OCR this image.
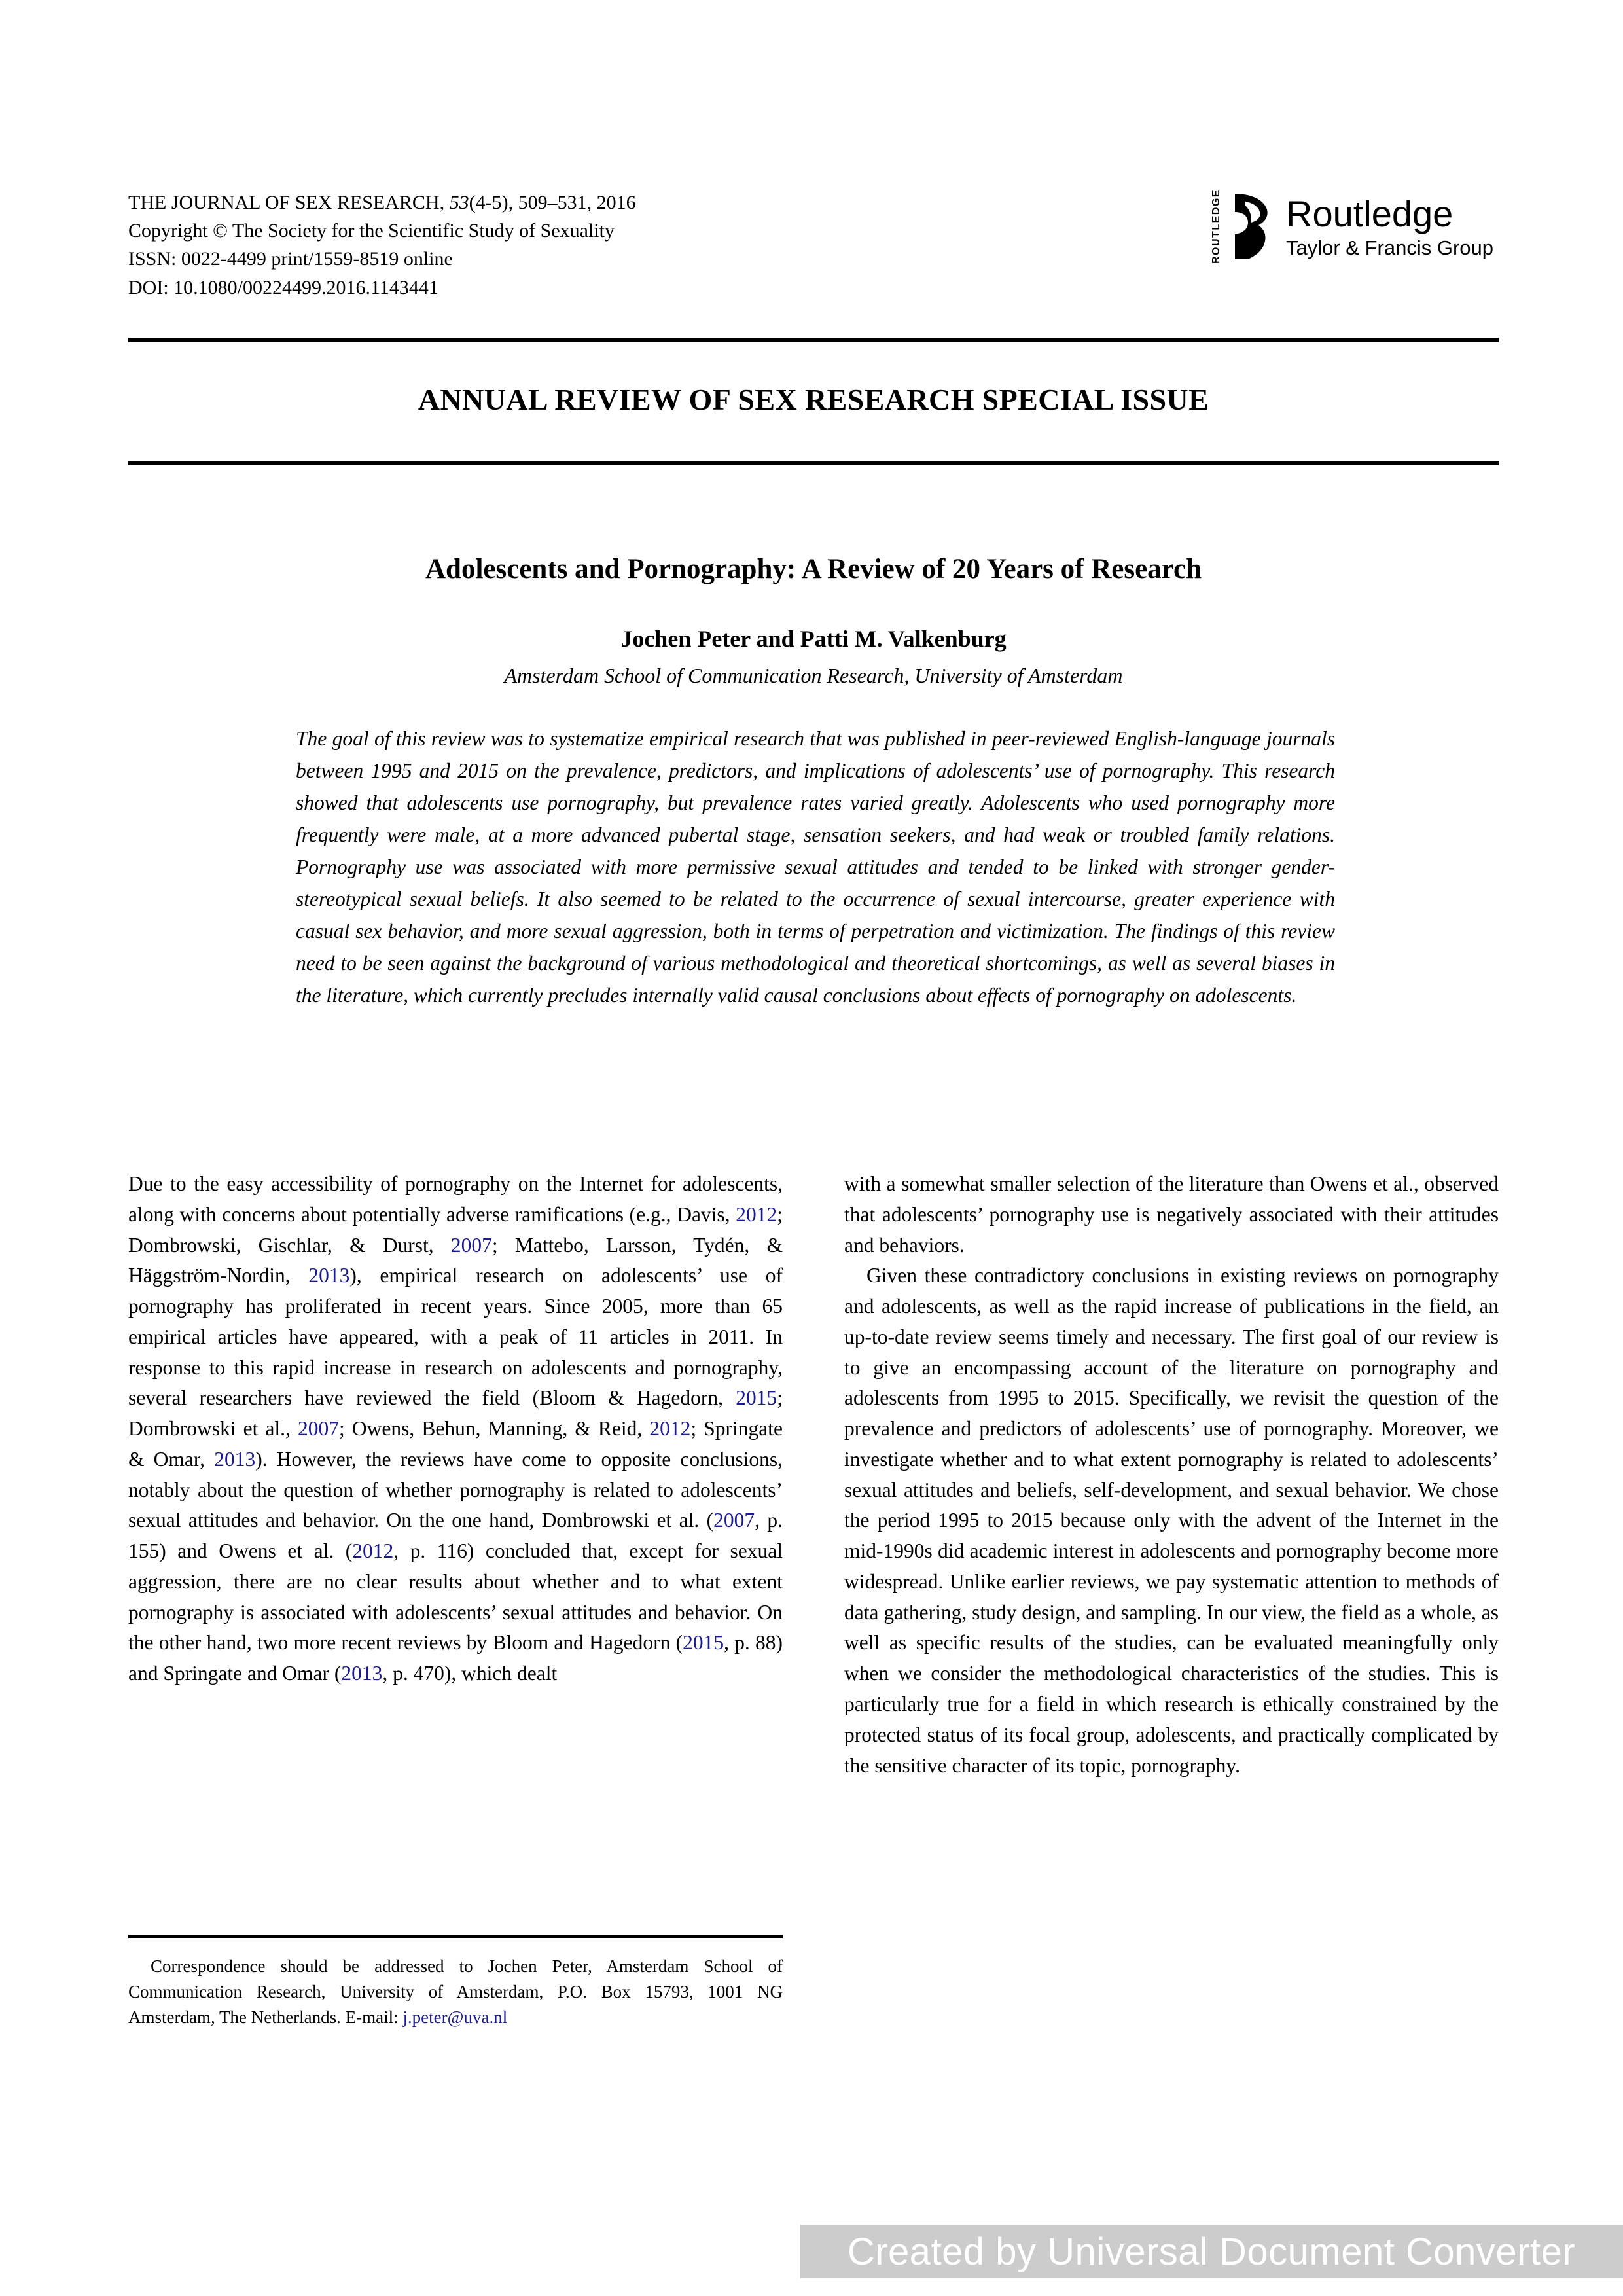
THE JOURNAL OF SEX RESEARCH, 53(4-5), 509–531, 2016
Copyright © The Society for the Scientific Study of Sexuality
ISSN: 0022-4499 print/1559-8519 online
DOI: 10.1080/00224499.2016.1143441
ROUTLEDGE Routledge
Taylor & Francis Group
ANNUAL REVIEW OF SEX RESEARCH SPECIAL ISSUE
Adolescents and Pornography: A Review of 20 Years of Research
Jochen Peter and Patti M. Valkenburg
Amsterdam School of Communication Research, University of Amsterdam
The goal of this review was to systematize empirical research that was published in peer-reviewed English-language journals between 1995 and 2015 on the prevalence, predictors, and implications of adolescents’ use of pornography. This research showed that adolescents use pornography, but prevalence rates varied greatly. Adolescents who used pornography more frequently were male, at a more advanced pubertal stage, sensation seekers, and had weak or troubled family relations. Pornography use was associated with more permissive sexual attitudes and tended to be linked with stronger gender-stereotypical sexual beliefs. It also seemed to be related to the occurrence of sexual intercourse, greater experience with casual sex behavior, and more sexual aggression, both in terms of perpetration and victimization. The findings of this review need to be seen against the background of various methodological and theoretical shortcomings, as well as several biases in the literature, which currently precludes internally valid causal conclusions about effects of pornography on adolescents.

Due to the easy accessibility of pornography on the Internet for adolescents, along with concerns about potentially adverse ramifications (e.g., Davis, 2012; Dombrowski, Gischlar, & Durst, 2007; Mattebo, Larsson, Tydén, & Häggström-Nordin, 2013), empirical research on adolescents’ use of pornography has proliferated in recent years. Since 2005, more than 65 empirical articles have appeared, with a peak of 11 articles in 2011. In response to this rapid increase in research on adolescents and pornography, several researchers have reviewed the field (Bloom & Hagedorn, 2015; Dombrowski et al., 2007; Owens, Behun, Manning, & Reid, 2012; Springate & Omar, 2013). However, the reviews have come to opposite conclusions, notably about the question of whether pornography is related to adolescents’ sexual attitudes and behavior. On the one hand, Dombrowski et al. (2007, p. 155) and Owens et al. (2012, p. 116) concluded that, except for sexual aggression, there are no clear results about whether and to what extent pornography is associated with adolescents’ sexual attitudes and behavior. On the other hand, two more recent reviews by Bloom and Hagedorn (2015, p. 88) and Springate and Omar (2013, p. 470), which dealt

with a somewhat smaller selection of the literature than Owens et al., observed that adolescents’ pornography use is negatively associated with their attitudes and behaviors.

Given these contradictory conclusions in existing reviews on pornography and adolescents, as well as the rapid increase of publications in the field, an up-to-date review seems timely and necessary. The first goal of our review is to give an encompassing account of the literature on pornography and adolescents from 1995 to 2015. Specifically, we revisit the question of the prevalence and predictors of adolescents’ use of pornography. Moreover, we investigate whether and to what extent pornography is related to adolescents’ sexual attitudes and beliefs, self-development, and sexual behavior. We chose the period 1995 to 2015 because only with the advent of the Internet in the mid-1990s did academic interest in adolescents and pornography become more widespread. Unlike earlier reviews, we pay systematic attention to methods of data gathering, study design, and sampling. In our view, the field as a whole, as well as specific results of the studies, can be evaluated meaningfully only when we consider the methodological characteristics of the studies. This is particularly true for a field in which research is ethically constrained by the protected status of its focal group, adolescents, and practically complicated by the sensitive character of its topic, pornography.

Correspondence should be addressed to Jochen Peter, Amsterdam School of Communication Research, University of Amsterdam, P.O. Box 15793, 1001 NG Amsterdam, The Netherlands. E-mail: j.peter@uva.nl
Created by Universal Document Converter
